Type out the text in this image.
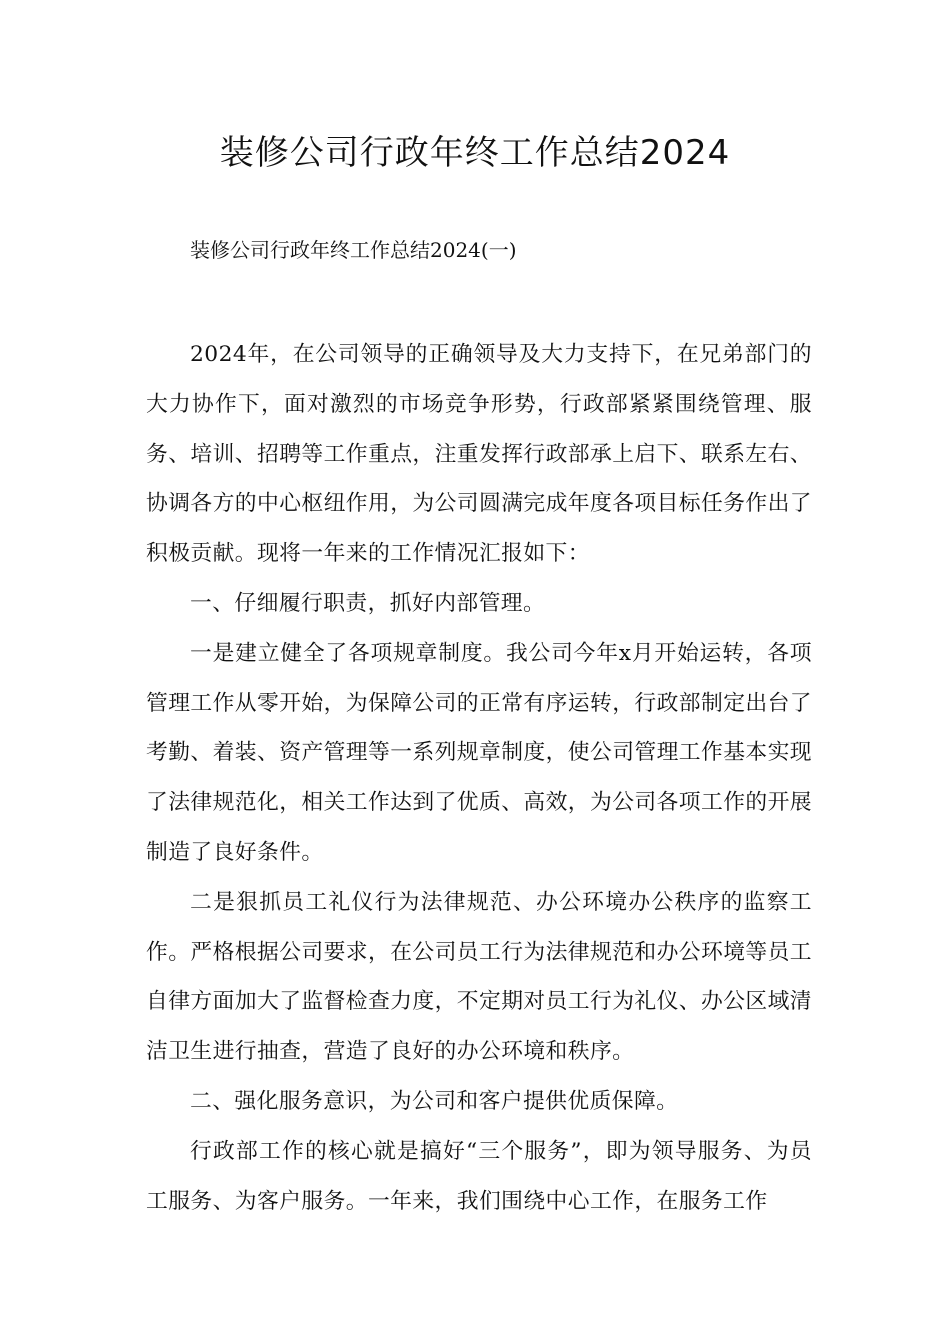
装修公司行政年终工作总结2024
装修公司行政年终工作总结2024(一)

2024年，在公司领导的正确领导及大力支持下，在兄弟部门的大力协作下，面对激烈的市场竞争形势，行政部紧紧围绕管理、服务、培训、招聘等工作重点，注重发挥行政部承上启下、联系左右、协调各方的中心枢纽作用，为公司圆满完成年度各项目标任务作出了积极贡献。现将一年来的工作情况汇报如下：

一、仔细履行职责，抓好内部管理。

一是建立健全了各项规章制度。我公司今年x月开始运转，各项管理工作从零开始，为保障公司的正常有序运转，行政部制定出台了考勤、着装、资产管理等一系列规章制度，使公司管理工作基本实现了法律规范化，相关工作达到了优质、高效，为公司各项工作的开展制造了良好条件。

二是狠抓员工礼仪行为法律规范、办公环境办公秩序的监察工作。严格根据公司要求，在公司员工行为法律规范和办公环境等员工自律方面加大了监督检查力度，不定期对员工行为礼仪、办公区域清洁卫生进行抽查，营造了良好的办公环境和秩序。

二、强化服务意识，为公司和客户提供优质保障。

行政部工作的核心就是搞好“三个服务”，即为领导服务、为员工服务、为客户服务。一年来，我们围绕中心工作，在服务工作
